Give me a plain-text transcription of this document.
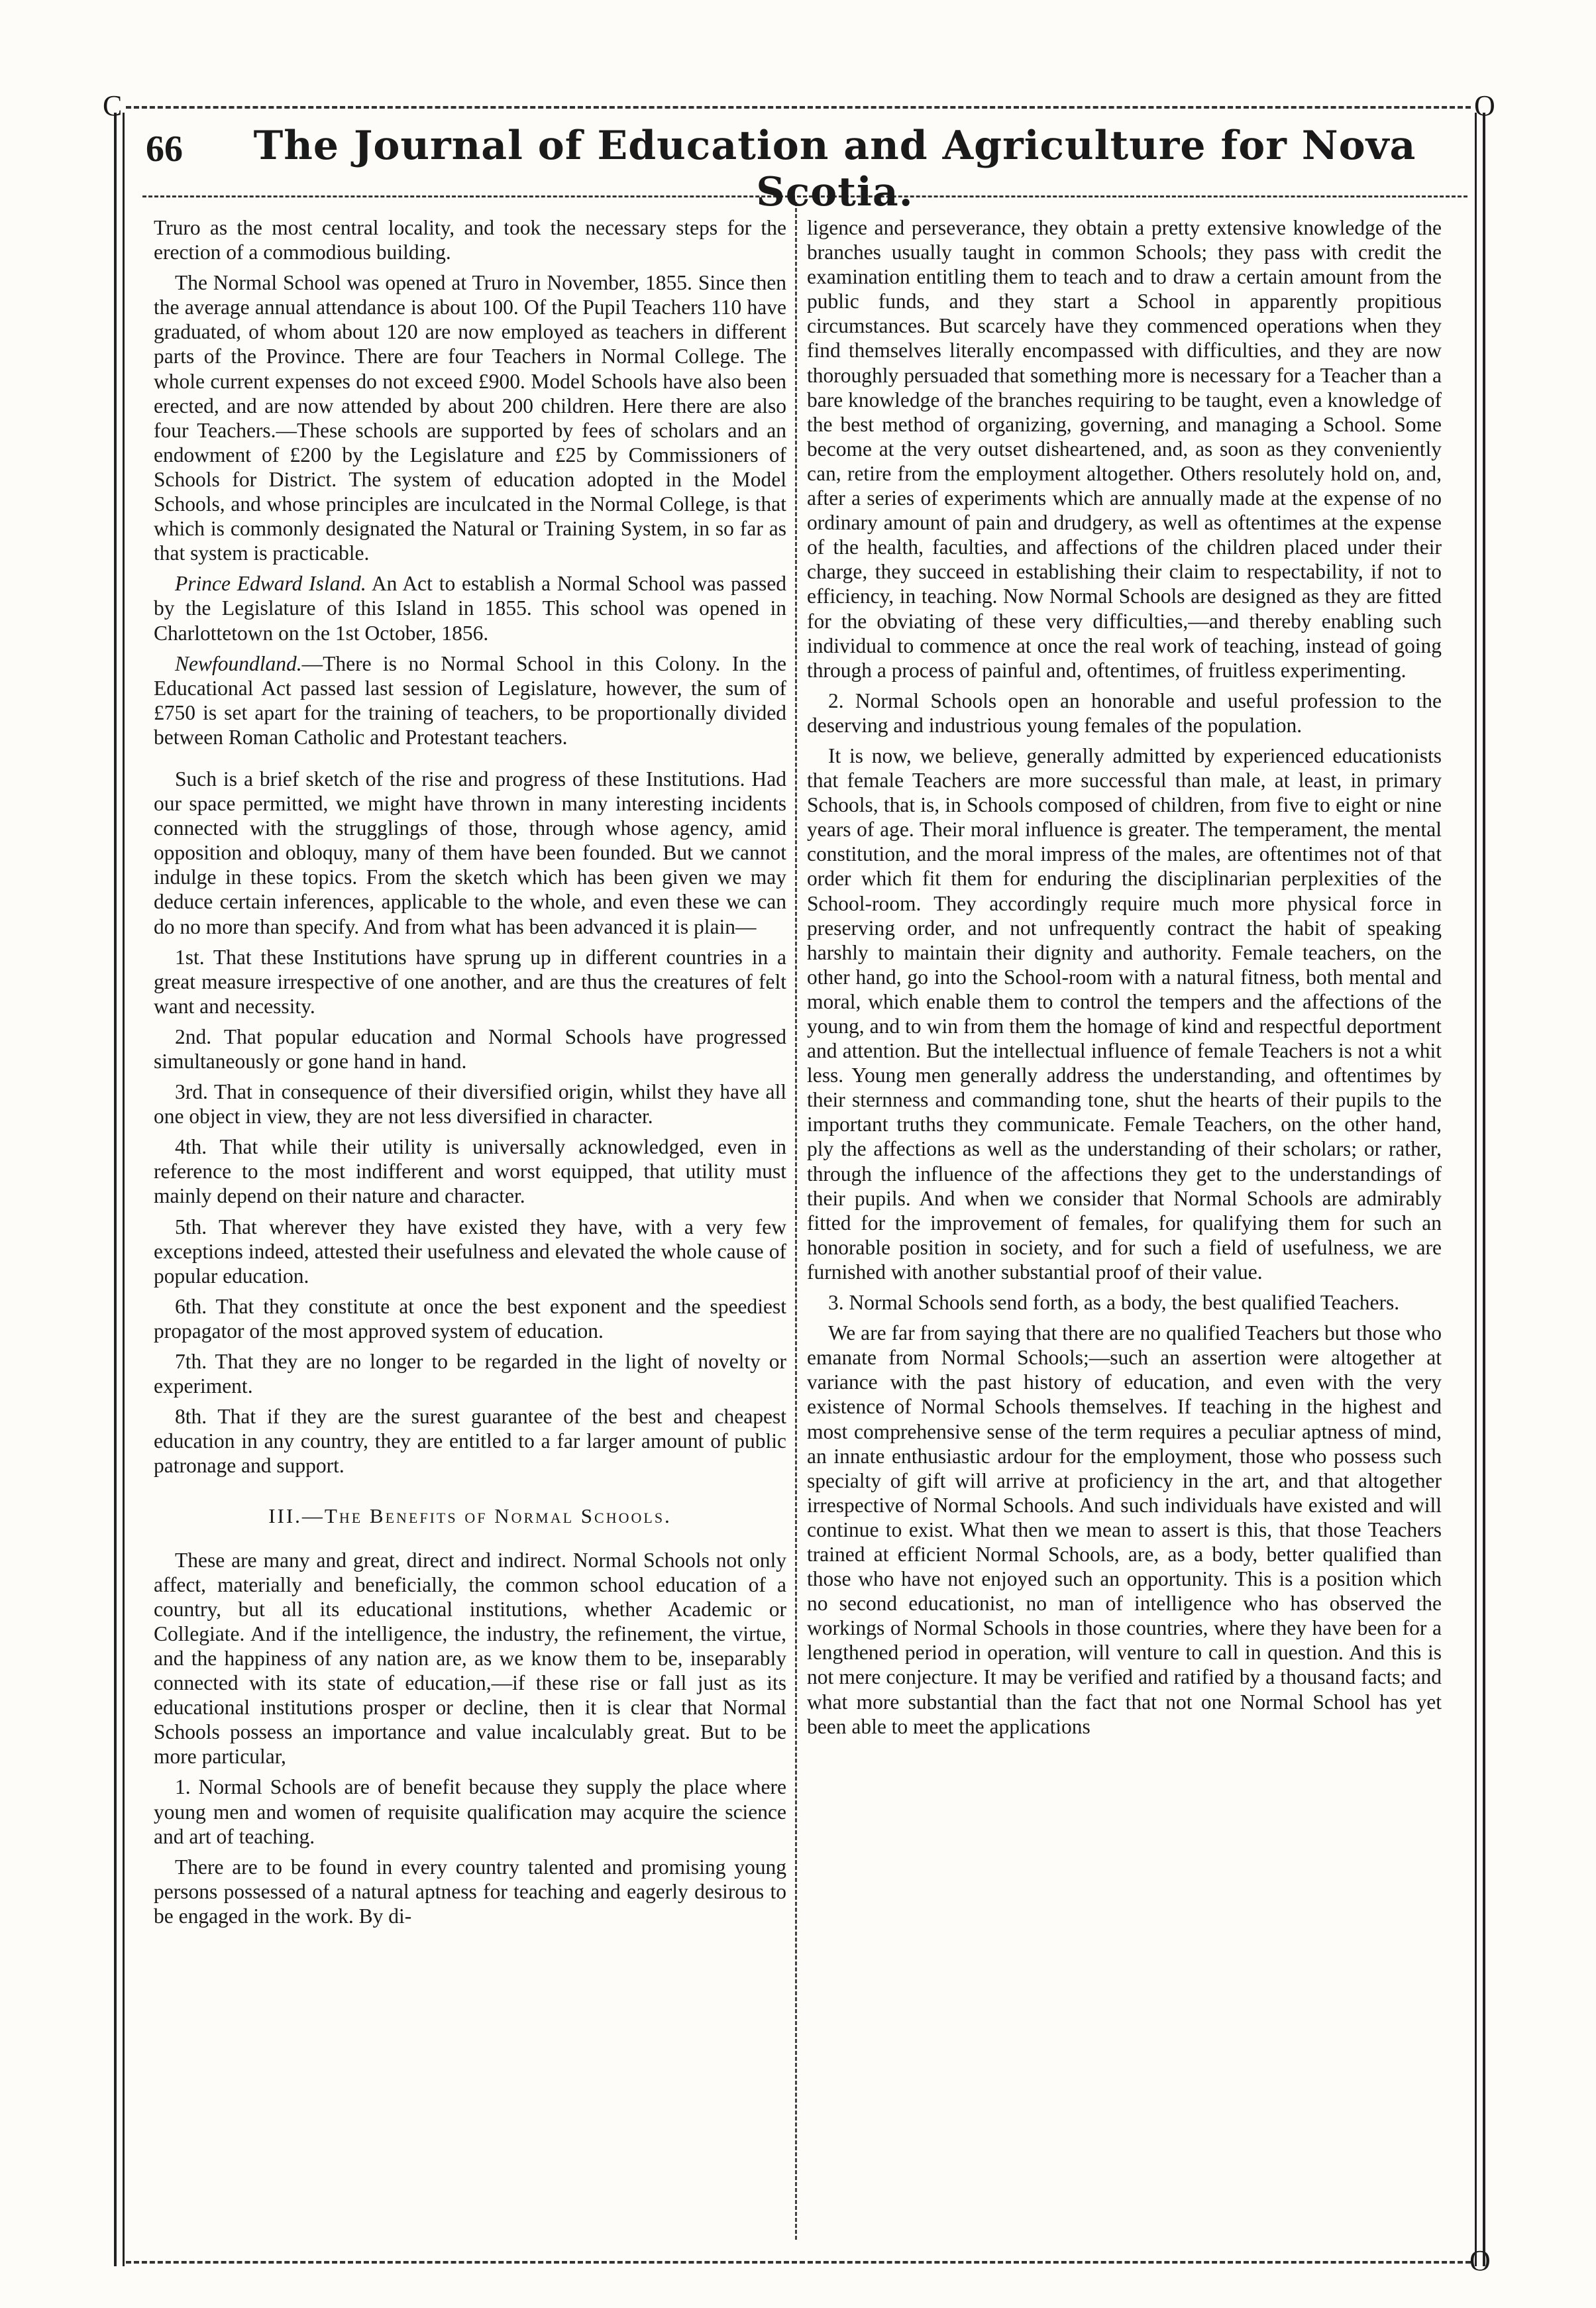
C	O
O
66	The Journal of Education and Agriculture for Nova Scotia.

Truro as the most central locality, and took the necessary steps for the erection of a commodious building.

The Normal School was opened at Truro in November, 1855. Since then the average annual attendance is about 100. Of the Pupil Teachers 110 have graduated, of whom about 120 are now employed as teachers in different parts of the Province. There are four Teachers in Normal College. The whole current expenses do not exceed £900. Model Schools have also been erected, and are now attended by about 200 children. Here there are also four Teachers.—These schools are supported by fees of scholars and an endowment of £200 by the Legislature and £25 by Commissioners of Schools for District. The system of education adopted in the Model Schools, and whose principles are inculcated in the Normal College, is that which is commonly designated the Natural or Training System, in so far as that system is practicable.

Prince Edward Island. An Act to establish a Normal School was passed by the Legislature of this Island in 1855. This school was opened in Charlottetown on the 1st October, 1856.

Newfoundland.—There is no Normal School in this Colony. In the Educational Act passed last session of Legislature, however, the sum of £750 is set apart for the training of teachers, to be proportionally divided between Roman Catholic and Protestant teachers.

Such is a brief sketch of the rise and progress of these Institutions. Had our space permitted, we might have thrown in many interesting incidents connected with the strugglings of those, through whose agency, amid opposition and obloquy, many of them have been founded. But we cannot indulge in these topics. From the sketch which has been given we may deduce certain inferences, applicable to the whole, and even these we can do no more than specify. And from what has been advanced it is plain—

1st. That these Institutions have sprung up in different countries in a great measure irrespective of one another, and are thus the creatures of felt want and necessity.

2nd. That popular education and Normal Schools have progressed simultaneously or gone hand in hand.

3rd. That in consequence of their diversified origin, whilst they have all one object in view, they are not less diversified in character.

4th. That while their utility is universally acknowledged, even in reference to the most indifferent and worst equipped, that utility must mainly depend on their nature and character.

5th. That wherever they have existed they have, with a very few exceptions indeed, attested their usefulness and elevated the whole cause of popular education.

6th. That they constitute at once the best exponent and the speediest propagator of the most approved system of education.

7th. That they are no longer to be regarded in the light of novelty or experiment.

8th. That if they are the surest guarantee of the best and cheapest education in any country, they are entitled to a far larger amount of public patronage and support.

III.—The Benefits of Normal Schools.

These are many and great, direct and indirect. Normal Schools not only affect, materially and beneficially, the common school education of a country, but all its educational institutions, whether Academic or Collegiate. And if the intelligence, the industry, the refinement, the virtue, and the happiness of any nation are, as we know them to be, inseparably connected with its state of education,—if these rise or fall just as its educational institutions prosper or decline, then it is clear that Normal Schools possess an importance and value incalculably great. But to be more particular,

1. Normal Schools are of benefit because they supply the place where young men and women of requisite qualification may acquire the science and art of teaching.

There are to be found in every country talented and promising young persons possessed of a natural aptness for teaching and eagerly desirous to be engaged in the work. By di-

ligence and perseverance, they obtain a pretty extensive knowledge of the branches usually taught in common Schools; they pass with credit the examination entitling them to teach and to draw a certain amount from the public funds, and they start a School in apparently propitious circumstances. But scarcely have they commenced operations when they find themselves literally encompassed with difficulties, and they are now thoroughly persuaded that something more is necessary for a Teacher than a bare knowledge of the branches requiring to be taught, even a knowledge of the best method of organizing, governing, and managing a School. Some become at the very outset disheartened, and, as soon as they conveniently can, retire from the employment altogether. Others resolutely hold on, and, after a series of experiments which are annually made at the expense of no ordinary amount of pain and drudgery, as well as oftentimes at the expense of the health, faculties, and affections of the children placed under their charge, they succeed in establishing their claim to respectability, if not to efficiency, in teaching. Now Normal Schools are designed as they are fitted for the obviating of these very difficulties,—and thereby enabling such individual to commence at once the real work of teaching, instead of going through a process of painful and, oftentimes, of fruitless experimenting.

2. Normal Schools open an honorable and useful profession to the deserving and industrious young females of the population.

It is now, we believe, generally admitted by experienced educationists that female Teachers are more successful than male, at least, in primary Schools, that is, in Schools composed of children, from five to eight or nine years of age. Their moral influence is greater. The temperament, the mental constitution, and the moral impress of the males, are oftentimes not of that order which fit them for enduring the disciplinarian perplexities of the School-room. They accordingly require much more physical force in preserving order, and not unfrequently contract the habit of speaking harshly to maintain their dignity and authority. Female teachers, on the other hand, go into the School-room with a natural fitness, both mental and moral, which enable them to control the tempers and the affections of the young, and to win from them the homage of kind and respectful deportment and attention. But the intellectual influence of female Teachers is not a whit less. Young men generally address the understanding, and oftentimes by their sternness and commanding tone, shut the hearts of their pupils to the important truths they communicate. Female Teachers, on the other hand, ply the affections as well as the understanding of their scholars; or rather, through the influence of the affections they get to the understandings of their pupils. And when we consider that Normal Schools are admirably fitted for the improvement of females, for qualifying them for such an honorable position in society, and for such a field of usefulness, we are furnished with another substantial proof of their value.

3. Normal Schools send forth, as a body, the best qualified Teachers.

We are far from saying that there are no qualified Teachers but those who emanate from Normal Schools;—such an assertion were altogether at variance with the past history of education, and even with the very existence of Normal Schools themselves. If teaching in the highest and most comprehensive sense of the term requires a peculiar aptness of mind, an innate enthusiastic ardour for the employment, those who possess such specialty of gift will arrive at proficiency in the art, and that altogether irrespective of Normal Schools. And such individuals have existed and will continue to exist. What then we mean to assert is this, that those Teachers trained at efficient Normal Schools, are, as a body, better qualified than those who have not enjoyed such an opportunity. This is a position which no second educationist, no man of intelligence who has observed the workings of Normal Schools in those countries, where they have been for a lengthened period in operation, will venture to call in question. And this is not mere conjecture. It may be verified and ratified by a thousand facts; and what more substantial than the fact that not one Normal School has yet been able to meet the applications
